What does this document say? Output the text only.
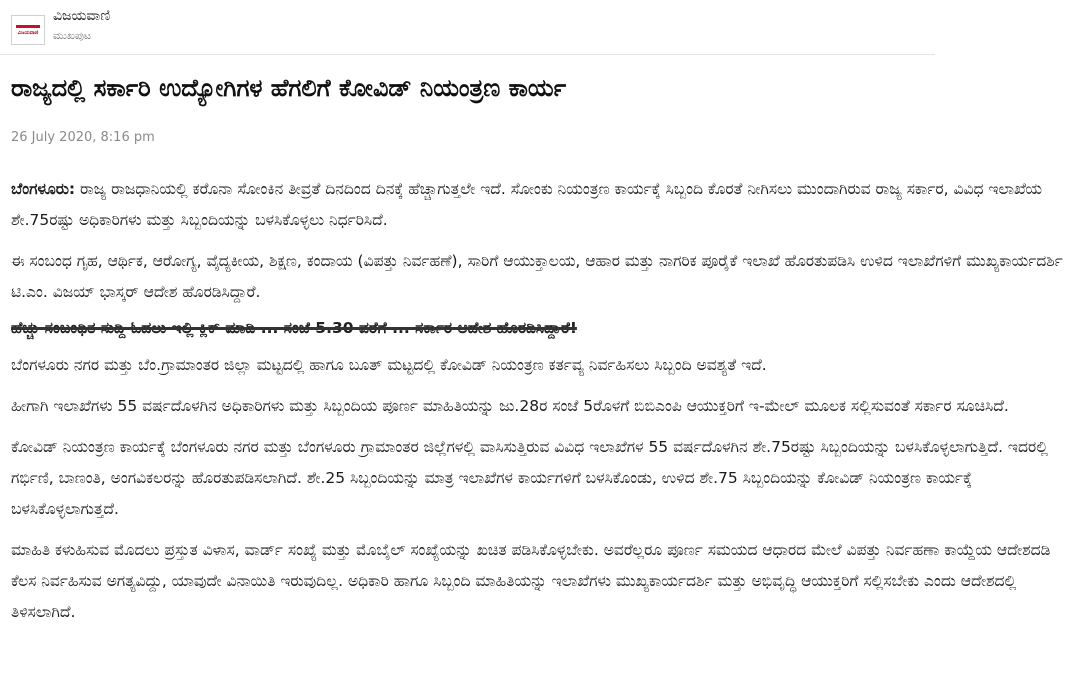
ವಿಜಯವಾಣಿ
ವಿಜಯವಾಣಿ
ಮುಖಪುಟ
ರಾಜ್ಯದಲ್ಲಿ ಸರ್ಕಾರಿ ಉದ್ಯೋಗಿಗಳ ಹೆಗಲಿಗೆ ಕೋವಿಡ್ ನಿಯಂತ್ರಣ ಕಾರ್ಯ
26 July 2020, 8:16 pm

ಬೆಂಗಳೂರು: ರಾಜ್ಯ ರಾಜಧಾನಿಯಲ್ಲಿ ಕರೊನಾ ಸೋಂಕಿನ ತೀವ್ರತೆ ದಿನದಿಂದ ದಿನಕ್ಕೆ ಹೆಚ್ಚಾಗುತ್ತಲೇ ಇದೆ. ಸೋಂಕು ನಿಯಂತ್ರಣ ಕಾರ್ಯಕ್ಕೆ ಸಿಬ್ಬಂದಿ ಕೊರತೆ ನೀಗಿಸಲು ಮುಂದಾಗಿರುವ ರಾಜ್ಯ ಸರ್ಕಾರ, ವಿವಿಧ ಇಲಾಖೆಯ ಶೇ.75ರಷ್ಟು ಅಧಿಕಾರಿಗಳು ಮತ್ತು ಸಿಬ್ಬಂದಿಯನ್ನು ಬಳಸಿಕೊಳ್ಳಲು ನಿರ್ಧರಿಸಿದೆ.

ಈ ಸಂಬಂಧ ಗೃಹ, ಆರ್ಥಿಕ, ಆರೋಗ್ಯ, ವೈದ್ಯಕೀಯ, ಶಿಕ್ಷಣ, ಕಂದಾಯ (ವಿಪತ್ತು ನಿರ್ವಹಣೆ), ಸಾರಿಗೆ ಆಯುಕ್ತಾಲಯ, ಆಹಾರ ಮತ್ತು ನಾಗರಿಕ ಪೂರೈಕೆ ಇಲಾಖೆ ಹೊರತುಪಡಿಸಿ ಉಳಿದ ಇಲಾಖೆಗಳಿಗೆ ಮುಖ್ಯಕಾರ್ಯದರ್ಶಿ ಟಿ.ಎಂ. ವಿಜಯ್ ಭಾಸ್ಕರ್ ಆದೇಶ ಹೊರಡಿಸಿದ್ದಾರೆ.

ಹೆಚ್ಚು ಸಂಬಂಧಿತ ಸುದ್ದಿ ಓದಲು ಇಲ್ಲಿ ಕ್ಲಿಕ್ ಮಾಡಿ ... ಸಂಜೆ 5.30 ವರೆಗೆ ... ಸರ್ಕಾರ ಆದೇಶ ಹೊರಡಿಸಿದ್ದಾರೆ!

ಬೆಂಗಳೂರು ನಗರ ಮತ್ತು ಬೆಂ.ಗ್ರಾಮಾಂತರ ಜಿಲ್ಲಾ ಮಟ್ಟದಲ್ಲಿ ಹಾಗೂ ಬೂತ್ ಮಟ್ಟದಲ್ಲಿ ಕೋವಿಡ್ ನಿಯಂತ್ರಣ ಕರ್ತವ್ಯ ನಿರ್ವಹಿಸಲು ಸಿಬ್ಬಂದಿ ಅವಶ್ಯತೆ ಇದೆ.

ಹೀಗಾಗಿ ಇಲಾಖೆಗಳು 55 ವರ್ಷದೊಳಗಿನ ಅಧಿಕಾರಿಗಳು ಮತ್ತು ಸಿಬ್ಬಂದಿಯ ಪೂರ್ಣ ಮಾಹಿತಿಯನ್ನು ಜು.28ರ ಸಂಜೆ 5ರೊಳಗೆ ಬಿಬಿಎಂಪಿ ಆಯುಕ್ತರಿಗೆ ಇ-ಮೇಲ್ ಮೂಲಕ ಸಲ್ಲಿಸುವಂತೆ ಸರ್ಕಾರ ಸೂಚಿಸಿದೆ.

ಕೋವಿಡ್ ನಿಯಂತ್ರಣ ಕಾರ್ಯಕ್ಕೆ ಬೆಂಗಳೂರು ನಗರ ಮತ್ತು ಬೆಂಗಳೂರು ಗ್ರಾಮಾಂತರ ಜಿಲ್ಲೆಗಳಲ್ಲಿ ವಾಸಿಸುತ್ತಿರುವ ವಿವಿಧ ಇಲಾಖೆಗಳ 55 ವರ್ಷದೊಳಗಿನ ಶೇ.75ರಷ್ಟು ಸಿಬ್ಬಂದಿಯನ್ನು ಬಳಸಿಕೊಳ್ಳಲಾಗುತ್ತಿದೆ. ಇದರಲ್ಲಿ ಗರ್ಭಿಣಿ, ಬಾಣಂತಿ, ಅಂಗವಿಕಲರನ್ನು ಹೊರತುಪಡಿಸಲಾಗಿದೆ. ಶೇ.25 ಸಿಬ್ಬಂದಿಯನ್ನು ಮಾತ್ರ ಇಲಾಖೆಗಳ ಕಾರ್ಯಗಳಿಗೆ ಬಳಸಿಕೊಂಡು, ಉಳಿದ ಶೇ.75 ಸಿಬ್ಬಂದಿಯನ್ನು ಕೋವಿಡ್ ನಿಯಂತ್ರಣ ಕಾರ್ಯಕ್ಕೆ ಬಳಸಿಕೊಳ್ಳಲಾಗುತ್ತದೆ.

ಮಾಹಿತಿ ಕಳುಹಿಸುವ ಮೊದಲು ಪ್ರಸ್ತುತ ವಿಳಾಸ, ವಾರ್ಡ್ ಸಂಖ್ಯೆ ಮತ್ತು ಮೊಬೈಲ್ ಸಂಖ್ಯೆಯನ್ನು ಖಚಿತ ಪಡಿಸಿಕೊಳ್ಳಬೇಕು. ಅವರೆಲ್ಲರೂ ಪೂರ್ಣ ಸಮಯದ ಆಧಾರದ ಮೇಲೆ ವಿಪತ್ತು ನಿರ್ವಹಣಾ ಕಾಯ್ದೆಯ ಆದೇಶದಡಿ ಕೆಲಸ ನಿರ್ವಹಿಸುವ ಅಗತ್ಯವಿದ್ದು, ಯಾವುದೇ ವಿನಾಯಿತಿ ಇರುವುದಿಲ್ಲ. ಅಧಿಕಾರಿ ಹಾಗೂ ಸಿಬ್ಬಂದಿ ಮಾಹಿತಿಯನ್ನು ಇಲಾಖೆಗಳು ಮುಖ್ಯಕಾರ್ಯದರ್ಶಿ ಮತ್ತು ಅಭಿವೃದ್ಧಿ ಆಯುಕ್ತರಿಗೆ ಸಲ್ಲಿಸಬೇಕು ಎಂದು ಆದೇಶದಲ್ಲಿ ತಿಳಿಸಲಾಗಿದೆ.
